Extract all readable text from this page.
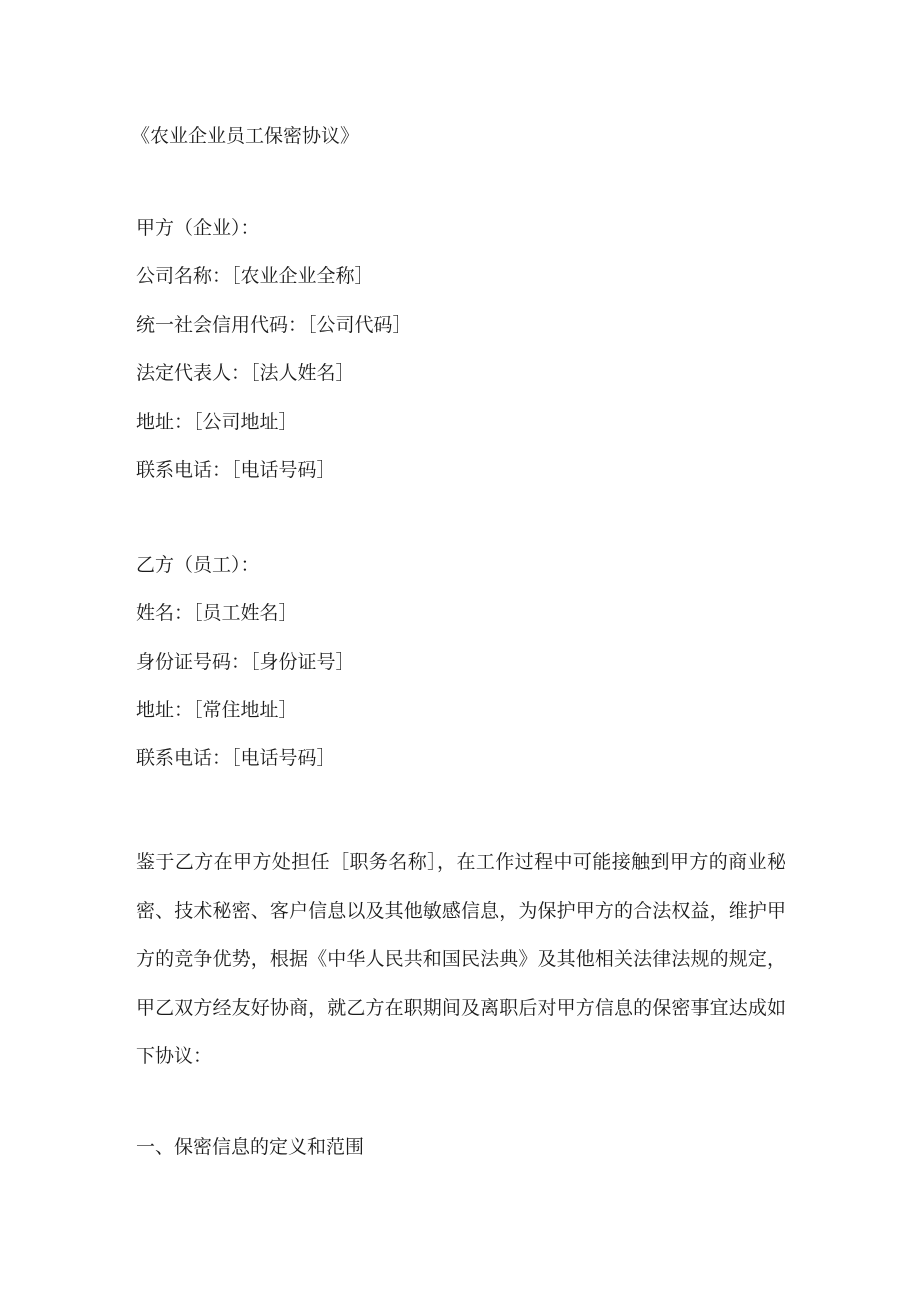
《农业企业员工保密协议》
甲方（企业）：
公司名称：［农业企业全称］
统一社会信用代码：［公司代码］
法定代表人：［法人姓名］
地址：［公司地址］
联系电话：［电话号码］
乙方（员工）：
姓名：［员工姓名］
身份证号码：［身份证号］
地址：［常住地址］
联系电话：［电话号码］
鉴于乙方在甲方处担任［职务名称］，在工作过程中可能接触到甲方的商业秘密、技术秘密、客户信息以及其他敏感信息，为保护甲方的合法权益，维护甲方的竞争优势，根据《中华人民共和国民法典》及其他相关法律法规的规定，甲乙双方经友好协商，就乙方在职期间及离职后对甲方信息的保密事宜达成如下协议：
一、保密信息的定义和范围
